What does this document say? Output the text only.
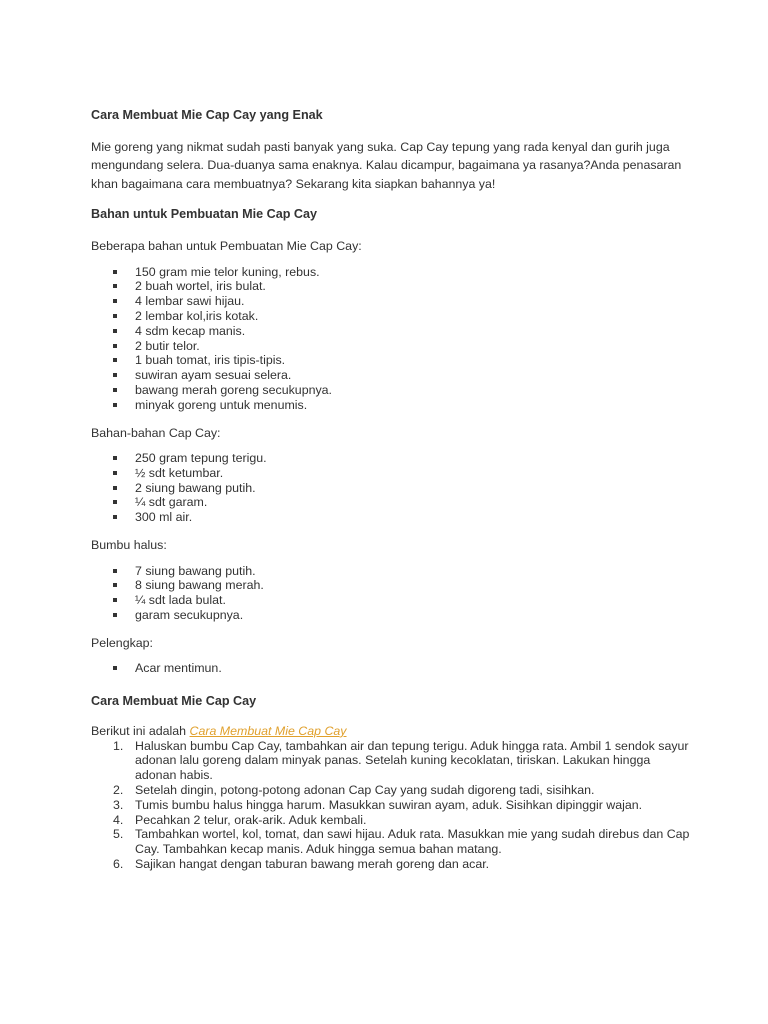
Cara Membuat Mie Cap Cay yang Enak
Mie goreng yang nikmat sudah pasti banyak yang suka. Cap Cay tepung yang rada kenyal dan gurih juga mengundang selera. Dua-duanya sama enaknya. Kalau dicampur, bagaimana ya rasanya?Anda penasaran khan bagaimana cara membuatnya? Sekarang kita siapkan bahannya ya!
Bahan untuk Pembuatan Mie Cap Cay
Beberapa bahan untuk Pembuatan Mie Cap Cay:
150 gram mie telor kuning, rebus.
2 buah wortel, iris bulat.
4 lembar sawi hijau.
2 lembar kol,iris kotak.
4 sdm kecap manis.
2 butir telor.
1 buah tomat, iris tipis-tipis.
suwiran ayam sesuai selera.
bawang merah goreng secukupnya.
minyak goreng untuk menumis.
Bahan-bahan Cap Cay:
250 gram tepung terigu.
½ sdt ketumbar.
2 siung bawang putih.
¼ sdt garam.
300 ml air.
Bumbu halus:
7 siung bawang putih.
8 siung bawang merah.
¼ sdt lada bulat.
garam secukupnya.
Pelengkap:
Acar mentimun.
Cara Membuat Mie Cap Cay
Berikut ini adalah Cara Membuat Mie Cap Cay
1. Haluskan bumbu Cap Cay, tambahkan air dan tepung terigu. Aduk hingga rata. Ambil 1 sendok sayur adonan lalu goreng dalam minyak panas. Setelah kuning kecoklatan, tiriskan. Lakukan hingga adonan habis.
2. Setelah dingin, potong-potong adonan Cap Cay yang sudah digoreng tadi, sisihkan.
3. Tumis bumbu halus hingga harum. Masukkan suwiran ayam, aduk. Sisihkan dipinggir wajan.
4. Pecahkan 2 telur, orak-arik. Aduk kembali.
5. Tambahkan wortel, kol, tomat, dan sawi hijau. Aduk rata. Masukkan mie yang sudah direbus dan Cap Cay. Tambahkan kecap manis. Aduk hingga semua bahan matang.
6. Sajikan hangat dengan taburan bawang merah goreng dan acar.
